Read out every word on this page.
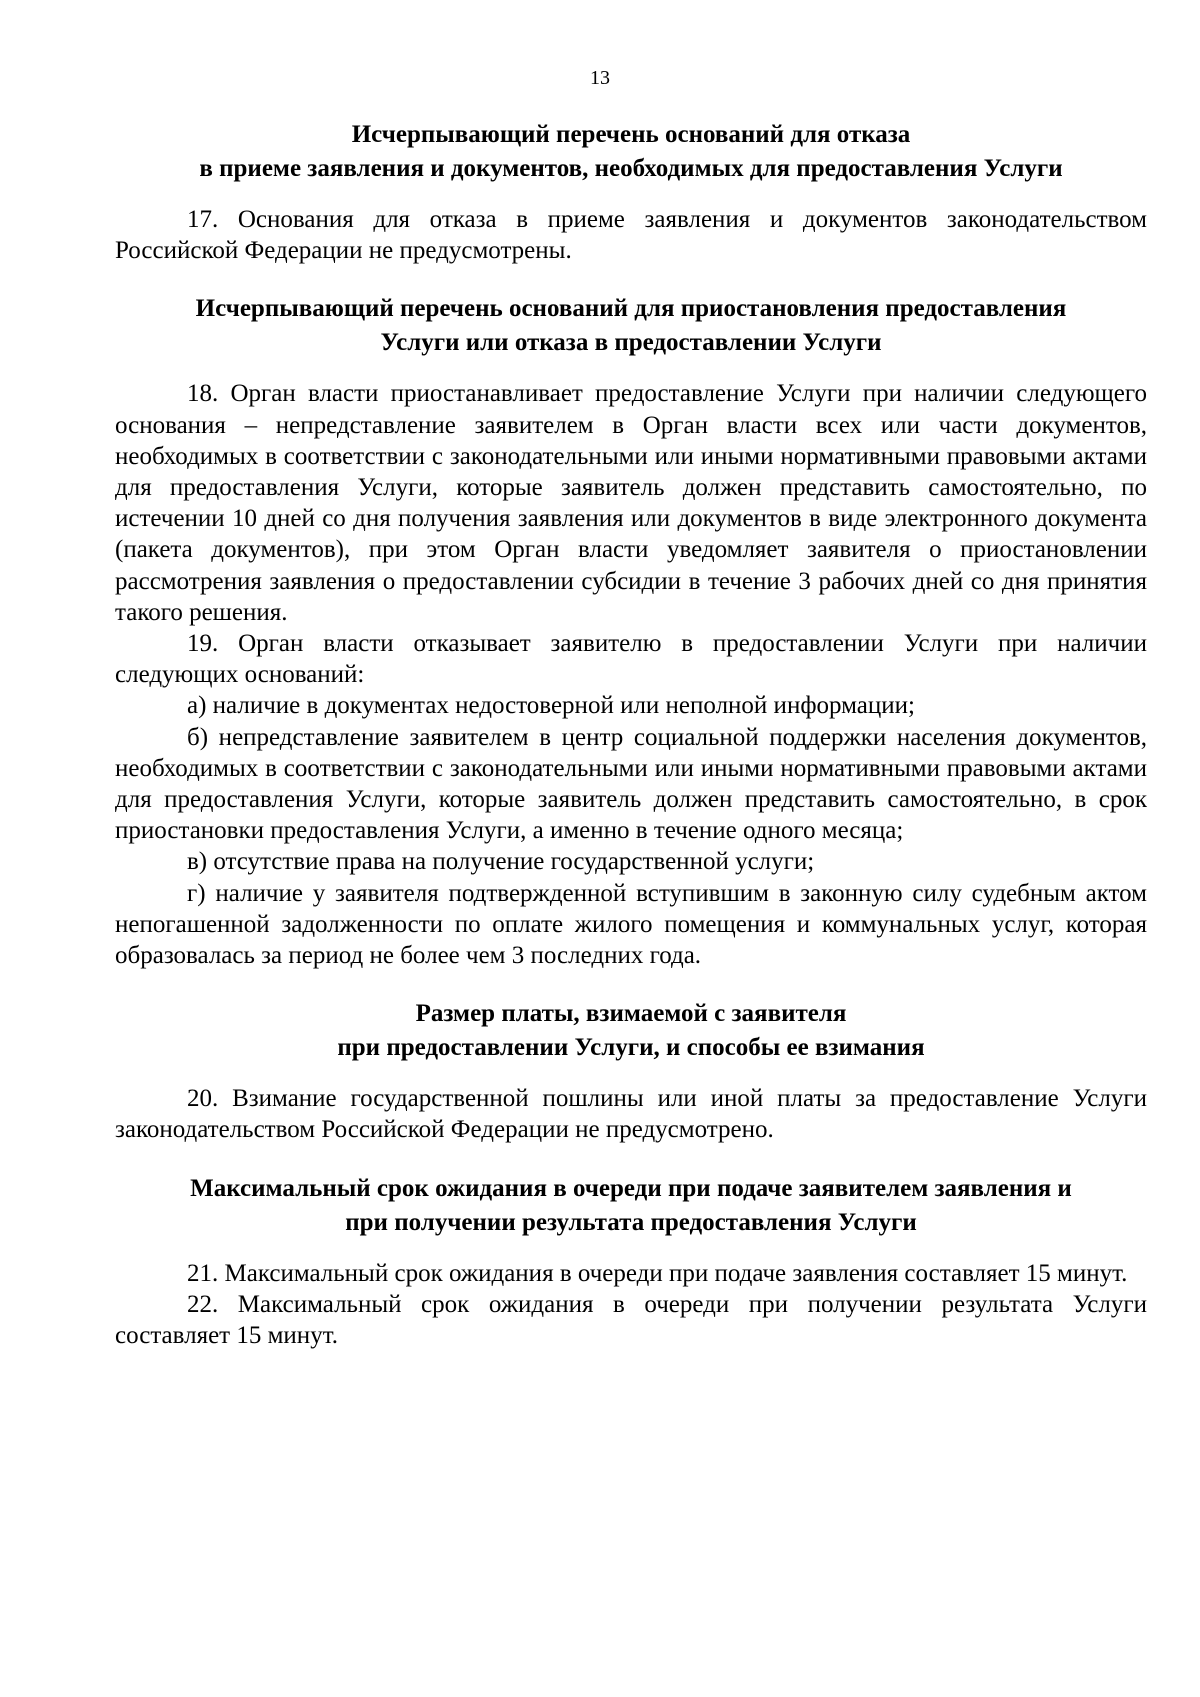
13

Исчерпывающий перечень оснований для отказа

в приеме заявления и документов, необходимых для предоставления Услуги

17. Основания для отказа в приеме заявления и документов законодательством Российской Федерации не предусмотрены.

Исчерпывающий перечень оснований для приостановления предоставления

Услуги или отказа в предоставлении Услуги

18. Орган власти приостанавливает предоставление Услуги при наличии следующего основания – непредставление заявителем в Орган власти всех или части документов, необходимых в соответствии с законодательными или иными нормативными правовыми актами для предоставления Услуги, которые заявитель должен представить самостоятельно, по истечении 10 дней со дня получения заявления или документов в виде электронного документа (пакета документов), при этом Орган власти уведомляет заявителя о приостановлении рассмотрения заявления о предоставлении субсидии в течение 3 рабочих дней со дня принятия такого решения.

19. Орган власти отказывает заявителю в предоставлении Услуги при наличии следующих оснований:

а) наличие в документах недостоверной или неполной информации;

б) непредставление заявителем в центр социальной поддержки населения документов, необходимых в соответствии с законодательными или иными нормативными правовыми актами для предоставления Услуги, которые заявитель должен представить самостоятельно, в срок приостановки предоставления Услуги, а именно в течение одного месяца;

в) отсутствие права на получение государственной услуги;

г) наличие у заявителя подтвержденной вступившим в законную силу судебным актом непогашенной задолженности по оплате жилого помещения и коммунальных услуг, которая образовалась за период не более чем 3 последних года.

Размер платы, взимаемой с заявителя

при предоставлении Услуги, и способы ее взимания

20. Взимание государственной пошлины или иной платы за предоставление Услуги законодательством Российской Федерации не предусмотрено.

Максимальный срок ожидания в очереди при подаче заявителем заявления и

при получении результата предоставления Услуги

21. Максимальный срок ожидания в очереди при подаче заявления составляет 15 минут.

22. Максимальный срок ожидания в очереди при получении результата Услуги составляет 15 минут.
